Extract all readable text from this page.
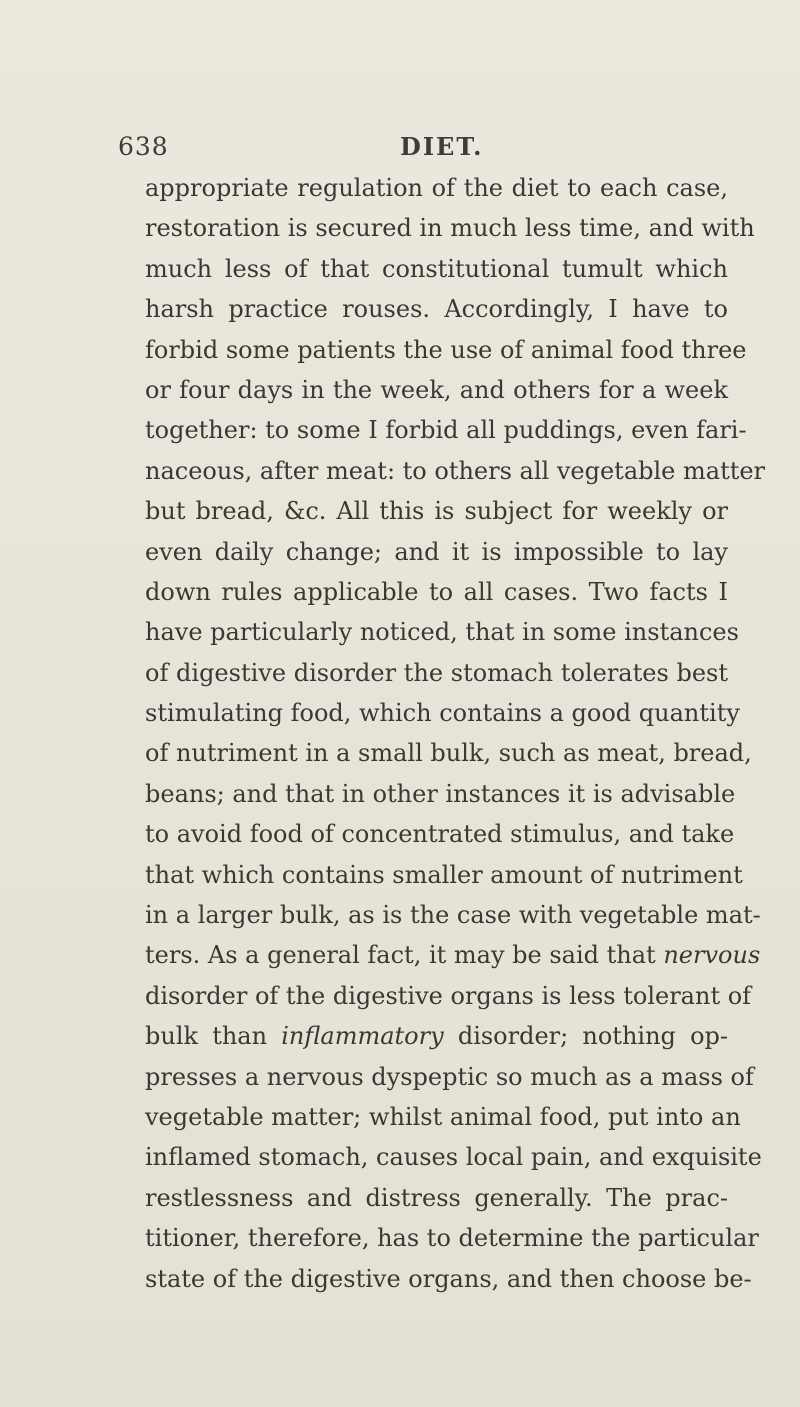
638	DIET.
appropriate regulation of the diet to each case,
restoration is secured in much less time, and with
much less of that constitutional tumult which
harsh practice rouses. Accordingly, I have to
forbid some patients the use of animal food three
or four days in the week, and others for a week
together: to some I forbid all puddings, even fari-
naceous, after meat: to others all vegetable matter
but bread, &c. All this is subject for weekly or
even daily change; and it is impossible to lay
down rules applicable to all cases. Two facts I
have particularly noticed, that in some instances
of digestive disorder the stomach tolerates best
stimulating food, which contains a good quantity
of nutriment in a small bulk, such as meat, bread,
beans; and that in other instances it is advisable
to avoid food of concentrated stimulus, and take
that which contains smaller amount of nutriment
in a larger bulk, as is the case with vegetable mat-
ters. As a general fact, it may be said that nervous
disorder of the digestive organs is less tolerant of
bulk than inflammatory disorder; nothing op-
presses a nervous dyspeptic so much as a mass of
vegetable matter; whilst animal food, put into an
inflamed stomach, causes local pain, and exquisite
restlessness and distress generally. The prac-
titioner, therefore, has to determine the particular
state of the digestive organs, and then choose be-
